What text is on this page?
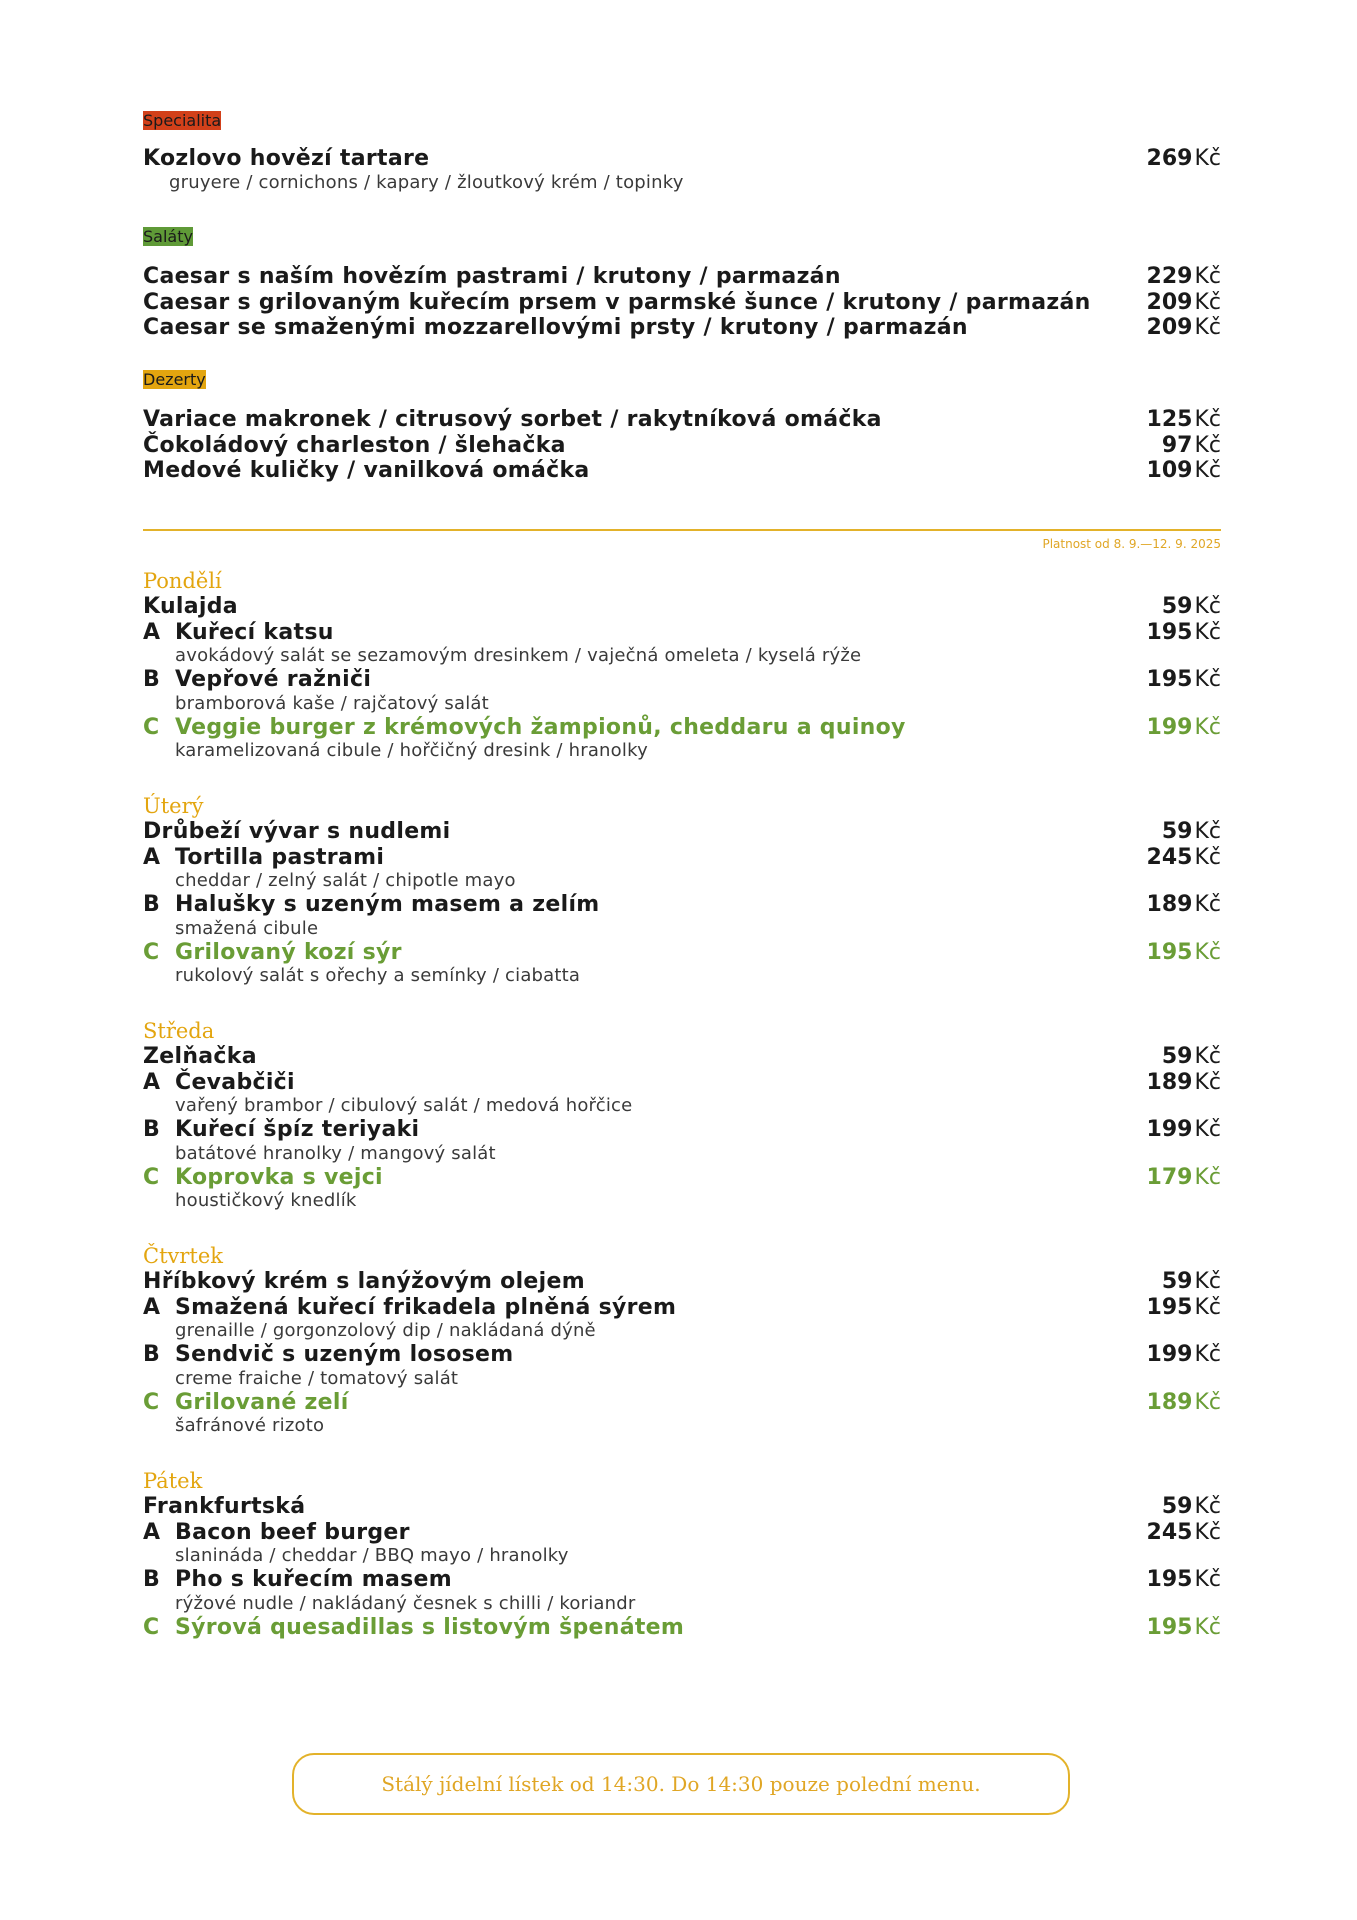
Specialita
Kozlovo hovězí tartare	269Kč
gruyere / cornichons / kapary / žloutkový krém / topinky
Saláty
Caesar s naším hovězím pastrami / krutony / parmazán	229Kč
Caesar s grilovaným kuřecím prsem v parmské šunce / krutony / parmazán	209Kč
Caesar se smaženými mozzarellovými prsty / krutony / parmazán	209Kč
Dezerty
Variace makronek / citrusový sorbet / rakytníková omáčka	125Kč
Čokoládový charleston / šlehačka	97Kč
Medové kuličky / vanilková omáčka	109Kč
Platnost od 8. 9.—12. 9. 2025
Pondělí
Kulajda	59Kč
A Kuřecí katsu	195Kč
avokádový salát se sezamovým dresinkem / vaječná omeleta / kyselá rýže
B Vepřové ražniči	195Kč
bramborová kaše / rajčatový salát
C Veggie burger z krémových žampionů, cheddaru a quinoy	199Kč
karamelizovaná cibule / hořčičný dresink / hranolky
Úterý
Drůbeží vývar s nudlemi	59Kč
A Tortilla pastrami	245Kč
cheddar / zelný salát / chipotle mayo
B Halušky s uzeným masem a zelím	189Kč
smažená cibule
C Grilovaný kozí sýr	195Kč
rukolový salát s ořechy a semínky / ciabatta
Středa
Zelňačka	59Kč
A Čevabčiči	189Kč
vařený brambor / cibulový salát / medová hořčice
B Kuřecí špíz teriyaki	199Kč
batátové hranolky / mangový salát
C Koprovka s vejci	179Kč
houstičkový knedlík
Čtvrtek
Hříbkový krém s lanýžovým olejem	59Kč
A Smažená kuřecí frikadela plněná sýrem	195Kč
grenaille / gorgonzolový dip / nakládaná dýně
B Sendvič s uzeným lososem	199Kč
creme fraiche / tomatový salát
C Grilované zelí	189Kč
šafránové rizoto
Pátek
Frankfurtská	59Kč
A Bacon beef burger	245Kč
slanináda / cheddar / BBQ mayo / hranolky
B Pho s kuřecím masem	195Kč
rýžové nudle / nakládaný česnek s chilli / koriandr
C Sýrová quesadillas s listovým špenátem	195Kč
Stálý jídelní lístek od 14:30. Do 14:30 pouze polední menu.
